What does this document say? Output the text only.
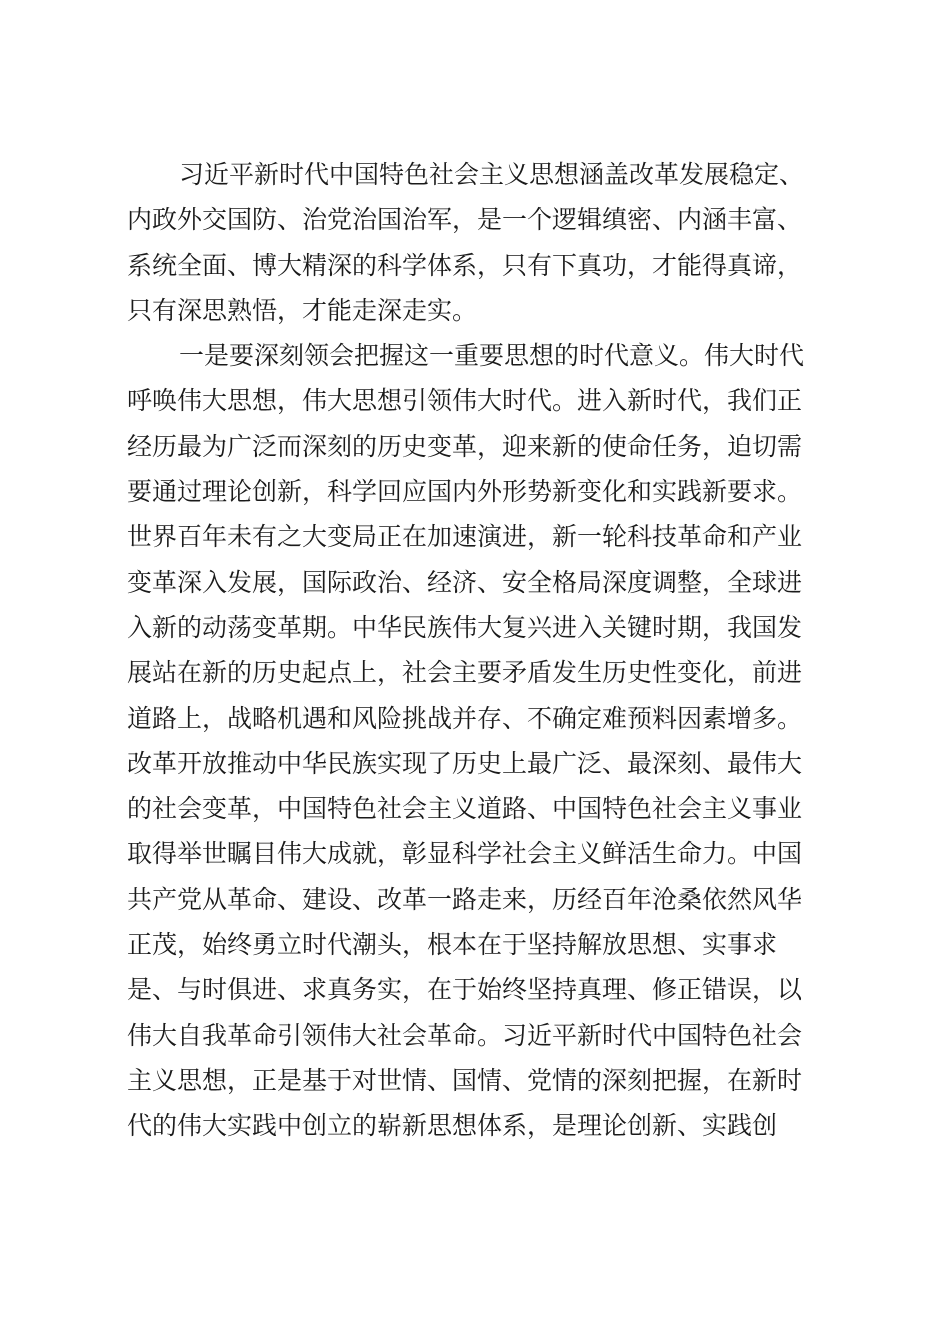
习近平新时代中国特色社会主义思想涵盖改革发展稳定、
内政外交国防、治党治国治军，是一个逻辑缜密、内涵丰富、
系统全面、博大精深的科学体系，只有下真功，才能得真谛，
只有深思熟悟，才能走深走实。
一是要深刻领会把握这一重要思想的时代意义。伟大时代
呼唤伟大思想，伟大思想引领伟大时代。进入新时代，我们正
经历最为广泛而深刻的历史变革，迎来新的使命任务，迫切需
要通过理论创新，科学回应国内外形势新变化和实践新要求。
世界百年未有之大变局正在加速演进，新一轮科技革命和产业
变革深入发展，国际政治、经济、安全格局深度调整，全球进
入新的动荡变革期。中华民族伟大复兴进入关键时期，我国发
展站在新的历史起点上，社会主要矛盾发生历史性变化，前进
道路上，战略机遇和风险挑战并存、不确定难预料因素增多。
改革开放推动中华民族实现了历史上最广泛、最深刻、最伟大
的社会变革，中国特色社会主义道路、中国特色社会主义事业
取得举世瞩目伟大成就，彰显科学社会主义鲜活生命力。中国
共产党从革命、建设、改革一路走来，历经百年沧桑依然风华
正茂，始终勇立时代潮头，根本在于坚持解放思想、实事求
是、与时俱进、求真务实，在于始终坚持真理、修正错误，以
伟大自我革命引领伟大社会革命。习近平新时代中国特色社会
主义思想，正是基于对世情、国情、党情的深刻把握，在新时
代的伟大实践中创立的崭新思想体系，是理论创新、实践创
